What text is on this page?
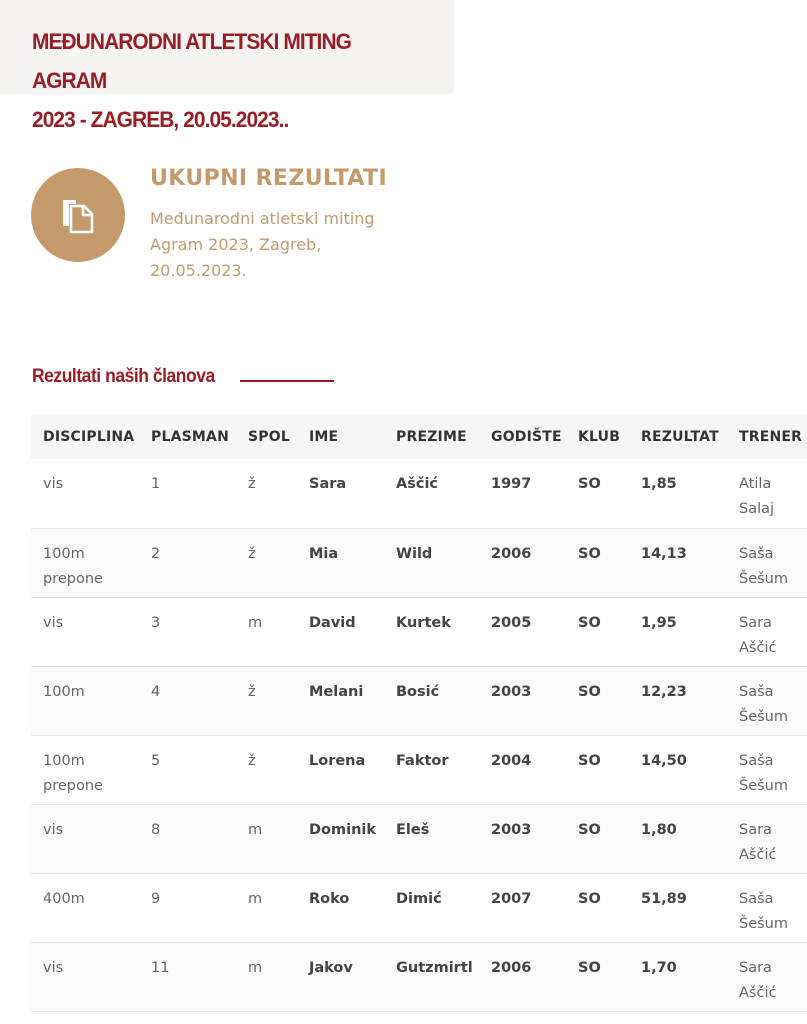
MEĐUNARODNI ATLETSKI MITING AGRAM
2023 - ZAGREB, 20.05.2023..
UKUPNI REZULTATI

Međunarodni atletski miting
Agram 2023, Zagreb,
20.05.2023.

Rezultati naših članova
DISCIPLINA	PLASMAN	SPOL	IME	PREZIME	GODIŠTE	KLUB	REZULTAT	TRENER
vis	1	ž	Sara	Aščić	1997	SO	1,85	Atila
Salaj
100m
prepone	2	ž	Mia	Wild	2006	SO	14,13	Saša
Šešum
vis	3	m	David	Kurtek	2005	SO	1,95	Sara
Aščić
100m	4	ž	Melani	Bosić	2003	SO	12,23	Saša
Šešum
100m
prepone	5	ž	Lorena	Faktor	2004	SO	14,50	Saša
Šešum
vis	8	m	Dominik	Eleš	2003	SO	1,80	Sara
Aščić
400m	9	m	Roko	Dimić	2007	SO	51,89	Saša
Šešum
vis	11	m	Jakov	Gutzmirtl	2006	SO	1,70	Sara
Aščić
